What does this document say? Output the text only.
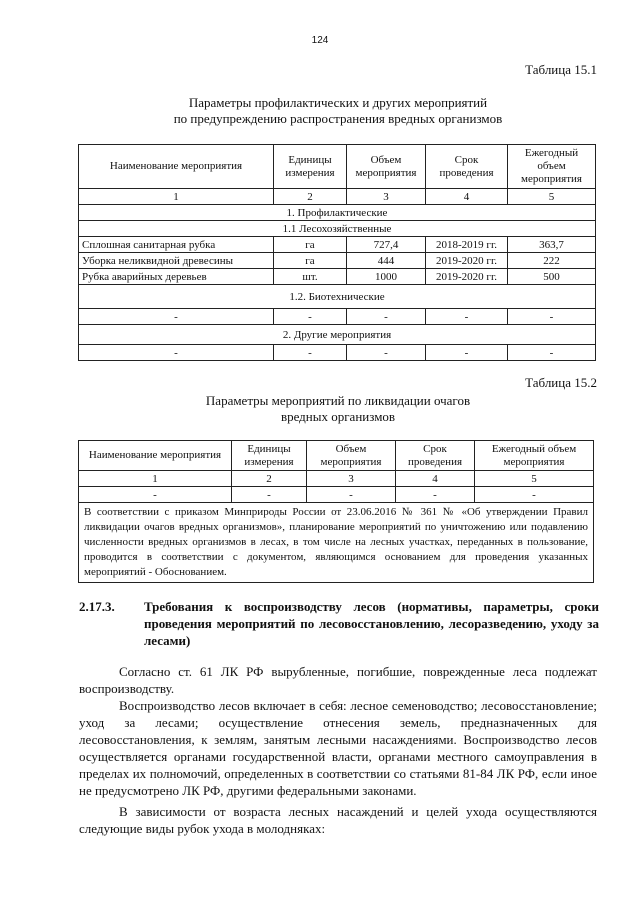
124
Таблица 15.1
Параметры профилактических и других мероприятий
по предупреждению распространения вредных организмов
Наименование мероприятия	Единицы измерения	Объем мероприятия	Срок проведения	Ежегодный объем мероприятия
1	2	3	4	5
1. Профилактические				
1.1 Лесохозяйственные				
Сплошная санитарная рубка	га	727,4	2018-2019 гг.	363,7
Уборка неликвидной древесины	га	444	2019-2020 гг.	222
Рубка аварийных деревьев	шт.	1000	2019-2020 гг.	500
1.2. Биотехнические				
-	-	-	-	-
2. Другие мероприятия				
-	-	-	-	-
Таблица 15.2
Параметры мероприятий по ликвидации очагов
вредных организмов
Наименование мероприятия	Единицы измерения	Объем мероприятия	Срок проведения	Ежегодный объем мероприятия
1	2	3	4	5
-	-	-	-	-
В соответствии с приказом Минприроды России от 23.06.2016 № 361 № «Об утверждении Правил ликвидации очагов вредных организмов», планирование мероприятий по уничтожению или подавлению численности вредных организмов в лесах, в том числе на лесных участках, переданных в пользование, проводится в соответствии с документом, являющимся основанием для проведения указанных мероприятий - Обоснованием.				
2.17.3. Требования к воспроизводству лесов (нормативы, параметры, сроки проведения мероприятий по лесовосстановлению, лесоразведению, уходу за лесами)

Согласно ст. 61 ЛК РФ вырубленные, погибшие, поврежденные леса подлежат воспроизводству.

Воспроизводство лесов включает в себя: лесное семеноводство; лесовосстановление; уход за лесами; осуществление отнесения земель, предназначенных для лесовосстановления, к землям, занятым лесными насаждениями. Воспроизводство лесов осуществляется органами государственной власти, органами местного самоуправления в пределах их полномочий, определенных в соответствии со статьями 81-84 ЛК РФ, если иное не предусмотрено ЛК РФ, другими федеральными законами.

В зависимости от возраста лесных насаждений и целей ухода осуществляются следующие виды рубок ухода в молодняках:
